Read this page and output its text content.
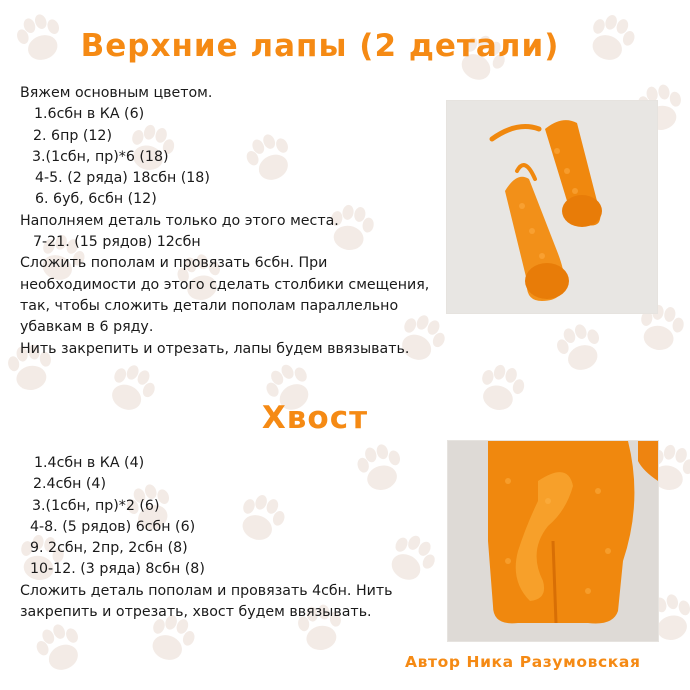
Верхние лапы (2 детали)
Вяжем основным цветом.
1.6сбн в КА (6)
2. 6пр (12)
3.(1сбн, пр)*6 (18)
4-5. (2 ряда) 18сбн (18)
6. 6уб, 6сбн (12)
Наполняем деталь только до этого места.
7-21. (15 рядов) 12сбн
Сложить пополам и провязать 6сбн. При
необходимости до этого сделать столбики смещения,
так, чтобы сложить детали пополам параллельно
убавкам в 6 ряду.
Нить закрепить и отрезать, лапы будем ввязывать.
Хвост
1.4сбн в КА (4)
2.4сбн (4)
3.(1сбн, пр)*2 (6)
4-8. (5 рядов) 6сбн (6)
9. 2сбн, 2пр, 2сбн (8)
10-12. (3 ряда) 8сбн (8)
Сложить деталь пополам и провязать 4сбн. Нить
закрепить и отрезать, хвост будем ввязывать.
Автор Ника Разумовская
